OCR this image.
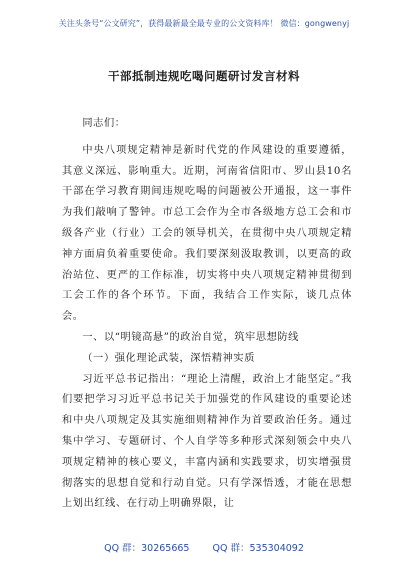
关注头条号“公文研究”，获得最新最全最专业的公文资料库！ 微信：gongwenyj
干部抵制违规吃喝问题研讨发言材料

同志们：

中央八项规定精神是新时代党的作风建设的重要遵循，其意义深远、影响重大。近期，河南省信阳市、罗山县10名干部在学习教育期间违规吃喝的问题被公开通报，这一事件为我们敲响了警钟。市总工会作为全市各级地方总工会和市级各产业（行业）工会的领导机关，在贯彻中央八项规定精神方面肩负着重要使命。我们要深刻汲取教训，以更高的政治站位、更严的工作标准，切实将中央八项规定精神贯彻到工会工作的各个环节。下面，我结合工作实际，谈几点体会。

一、以“明镜高悬”的政治自觉，筑牢思想防线

（一）强化理论武装，深悟精神实质

习近平总书记指出：“理论上清醒，政治上才能坚定。”我们要把学习习近平总书记关于加强党的作风建设的重要论述和中央八项规定及其实施细则精神作为首要政治任务。通过集中学习、专题研讨、个人自学等多种形式深刻领会中央八项规定精神的核心要义，丰富内涵和实践要求，切实增强贯彻落实的思想自觉和行动自觉。只有学深悟透，才能在思想上划出红线、在行动上明确界限，让

QQ 群：30265665 QQ 群：535304092
